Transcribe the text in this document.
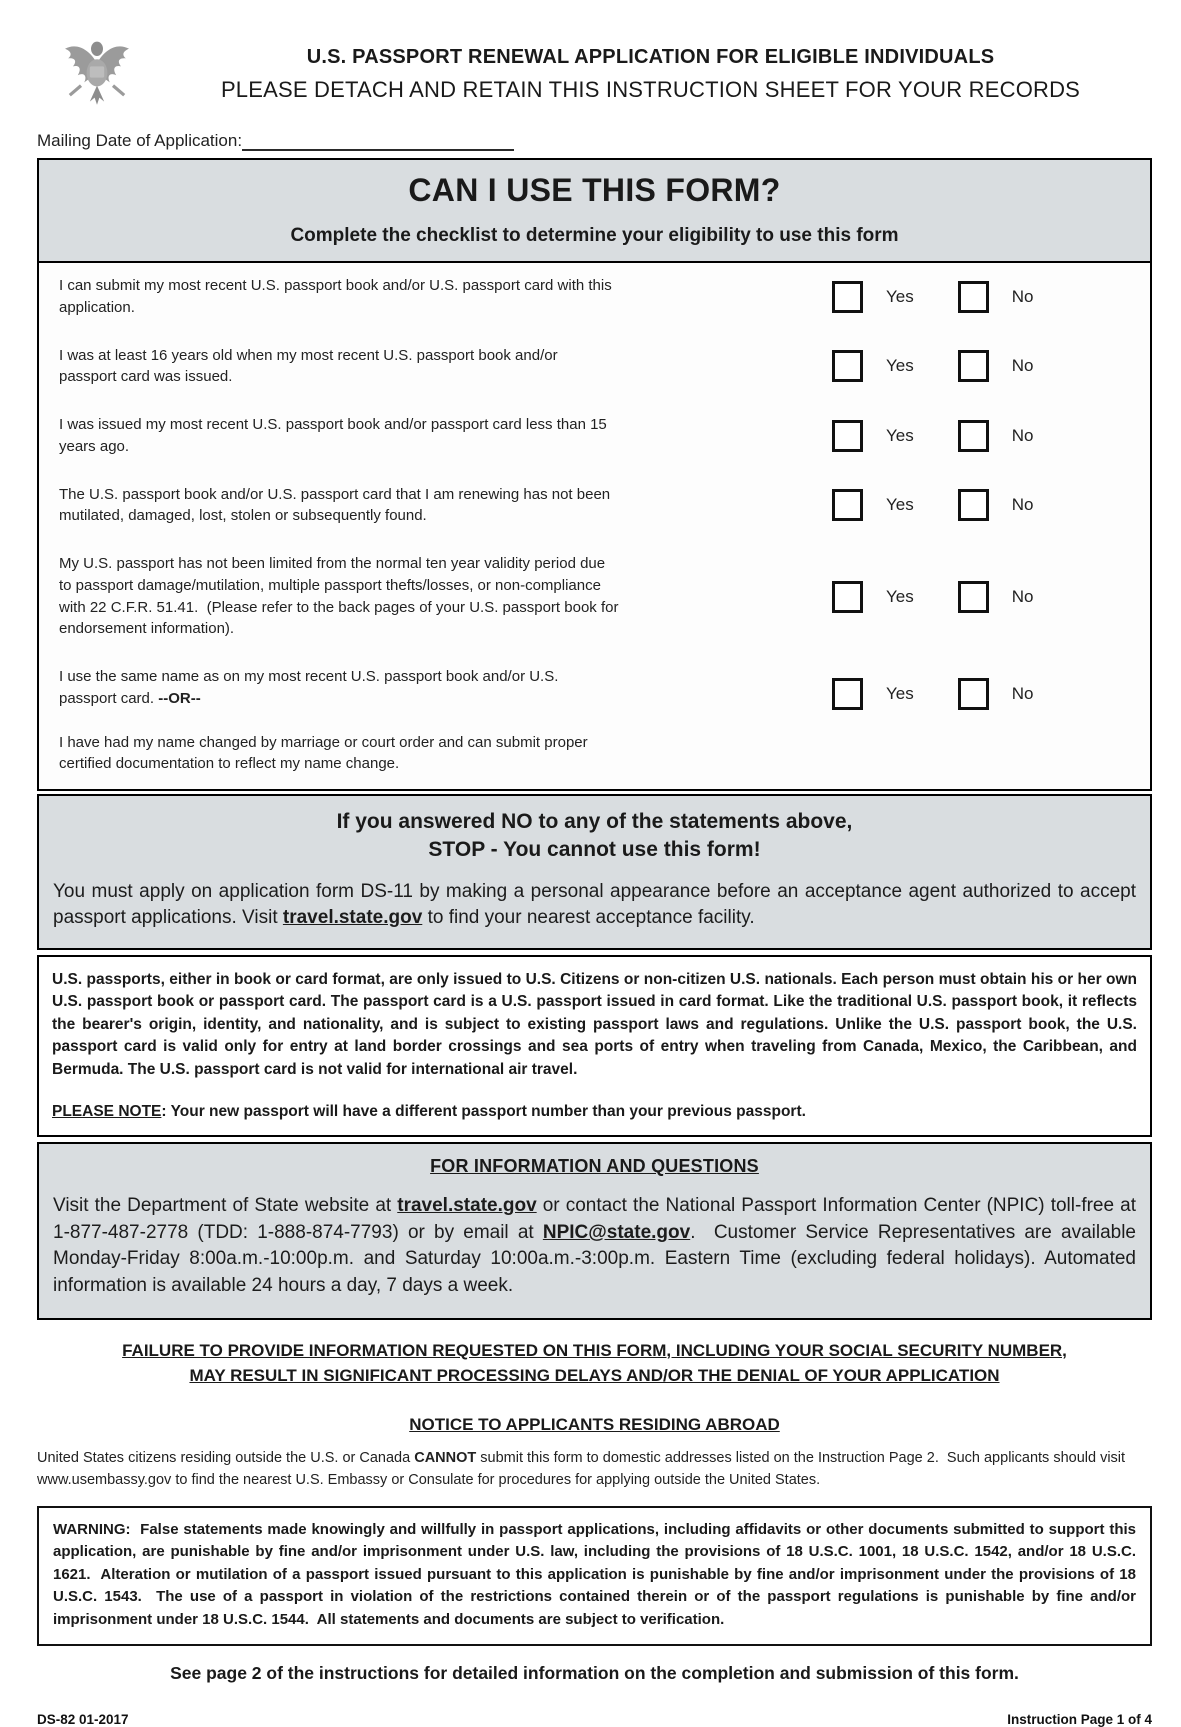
U.S. PASSPORT RENEWAL APPLICATION FOR ELIGIBLE INDIVIDUALS
PLEASE DETACH AND RETAIN THIS INSTRUCTION SHEET FOR YOUR RECORDS
Mailing Date of Application:
CAN I USE THIS FORM?
Complete the checklist to determine your eligibility to use this form
I can submit my most recent U.S. passport book and/or U.S. passport card with this application.
Yes	No
I was at least 16 years old when my most recent U.S. passport book and/or passport card was issued.
Yes	No
I was issued my most recent U.S. passport book and/or passport card less than 15 years ago.
Yes	No
The U.S. passport book and/or U.S. passport card that I am renewing has not been mutilated, damaged, lost, stolen or subsequently found.
Yes	No
My U.S. passport has not been limited from the normal ten year validity period due to passport damage/mutilation, multiple passport thefts/losses, or non-compliance with 22 C.F.R. 51.41.  (Please refer to the back pages of your U.S. passport book for endorsement information).
Yes	No
I use the same name as on my most recent U.S. passport book and/or U.S. passport card. --OR--
I have had my name changed by marriage or court order and can submit proper certified documentation to reflect my name change.
Yes	No
If you answered NO to any of the statements above,
STOP - You cannot use this form!
You must apply on application form DS-11 by making a personal appearance before an acceptance agent authorized to accept passport applications. Visit travel.state.gov to find your nearest acceptance facility.
U.S. passports, either in book or card format, are only issued to U.S. Citizens or non-citizen U.S. nationals. Each person must obtain his or her own U.S. passport book or passport card. The passport card is a U.S. passport issued in card format. Like the traditional U.S. passport book, it reflects the bearer's origin, identity, and nationality, and is subject to existing passport laws and regulations. Unlike the U.S. passport book, the U.S. passport card is valid only for entry at land border crossings and sea ports of entry when traveling from Canada, Mexico, the Caribbean, and Bermuda. The U.S. passport card is not valid for international air travel.
PLEASE NOTE: Your new passport will have a different passport number than your previous passport.
FOR INFORMATION AND QUESTIONS
Visit the Department of State website at travel.state.gov or contact the National Passport Information Center (NPIC) toll-free at 1-877-487-2778 (TDD: 1-888-874-7793) or by email at NPIC@state.gov.  Customer Service Representatives are available Monday-Friday 8:00a.m.-10:00p.m. and Saturday 10:00a.m.-3:00p.m. Eastern Time (excluding federal holidays). Automated information is available 24 hours a day, 7 days a week.
FAILURE TO PROVIDE INFORMATION REQUESTED ON THIS FORM, INCLUDING YOUR SOCIAL SECURITY NUMBER,
MAY RESULT IN SIGNIFICANT PROCESSING DELAYS AND/OR THE DENIAL OF YOUR APPLICATION
NOTICE TO APPLICANTS RESIDING ABROAD
United States citizens residing outside the U.S. or Canada CANNOT submit this form to domestic addresses listed on the Instruction Page 2.  Such applicants should visit www.usembassy.gov to find the nearest U.S. Embassy or Consulate for procedures for applying outside the United States.
WARNING:  False statements made knowingly and willfully in passport applications, including affidavits or other documents submitted to support this application, are punishable by fine and/or imprisonment under U.S. law, including the provisions of 18 U.S.C. 1001, 18 U.S.C. 1542, and/or 18 U.S.C. 1621.  Alteration or mutilation of a passport issued pursuant to this application is punishable by fine and/or imprisonment under the provisions of 18 U.S.C. 1543.  The use of a passport in violation of the restrictions contained therein or of the passport regulations is punishable by fine and/or imprisonment under 18 U.S.C. 1544.  All statements and documents are subject to verification.
See page 2 of the instructions for detailed information on the completion and submission of this form.
DS-82 01-2017	Instruction Page 1 of 4
